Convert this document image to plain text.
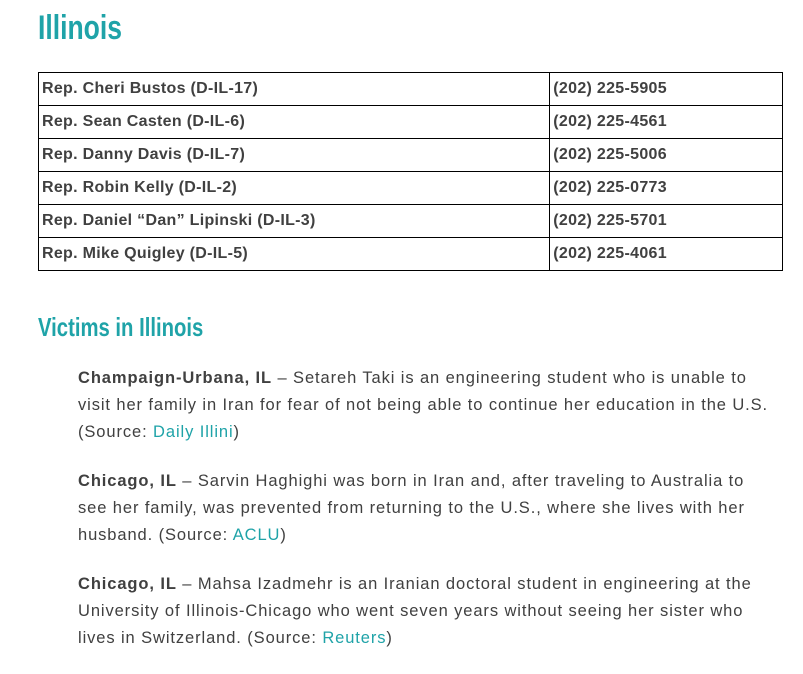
Illinois
Rep. Cheri Bustos (D-IL-17)	(202) 225-5905
Rep. Sean Casten (D-IL-6)	(202) 225-4561
Rep. Danny Davis (D-IL-7)	(202) 225-5006
Rep. Robin Kelly (D-IL-2)	(202) 225-0773
Rep. Daniel “Dan” Lipinski (D-IL-3)	(202) 225-5701
Rep. Mike Quigley (D-IL-5)	(202) 225-4061
Victims in Illinois

Champaign-Urbana, IL – Setareh Taki is an engineering student who is unable to visit her family in Iran for fear of not being able to continue her education in the U.S. (Source: Daily Illini)

Chicago, IL – Sarvin Haghighi was born in Iran and, after traveling to Australia to see her family, was prevented from returning to the U.S., where she lives with her husband. (Source: ACLU)

Chicago, IL – Mahsa Izadmehr is an Iranian doctoral student in engineering at the University of Illinois-Chicago who went seven years without seeing her sister who lives in Switzerland. (Source: Reuters)
